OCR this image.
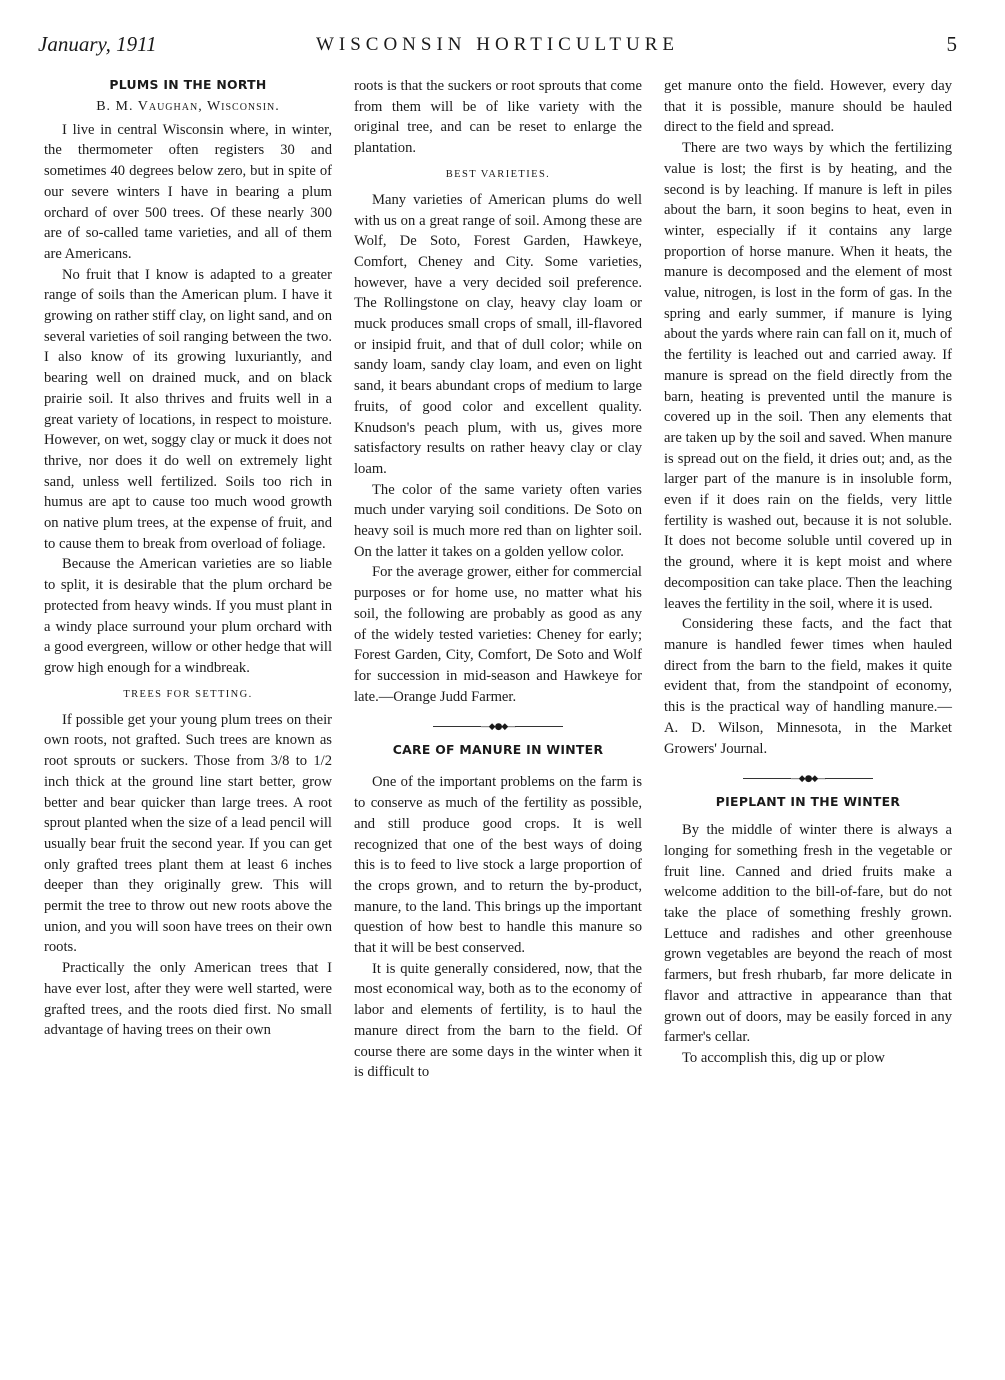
January, 1911	WISCONSIN HORTICULTURE	5
PLUMS IN THE NORTH
B. M. Vaughan, Wisconsin.

I live in central Wisconsin where, in winter, the thermometer often registers 30 and sometimes 40 degrees below zero, but in spite of our severe winters I have in bearing a plum orchard of over 500 trees. Of these nearly 300 are of so-called tame varieties, and all of them are Americans.

No fruit that I know is adapted to a greater range of soils than the American plum. I have it growing on rather stiff clay, on light sand, and on several varieties of soil ranging between the two. I also know of its growing luxuriantly, and bearing well on drained muck, and on black prairie soil. It also thrives and fruits well in a great variety of locations, in respect to moisture. However, on wet, soggy clay or muck it does not thrive, nor does it do well on extremely light sand, unless well fertilized. Soils too rich in humus are apt to cause too much wood growth on native plum trees, at the expense of fruit, and to cause them to break from overload of foliage.

Because the American varieties are so liable to split, it is desirable that the plum orchard be protected from heavy winds. If you must plant in a windy place surround your plum orchard with a good evergreen, willow or other hedge that will grow high enough for a windbreak.

TREES FOR SETTING.

If possible get your young plum trees on their own roots, not grafted. Such trees are known as root sprouts or suckers. Those from 3/8 to 1/2 inch thick at the ground line start better, grow better and bear quicker than large trees. A root sprout planted when the size of a lead pencil will usually bear fruit the second year. If you can get only grafted trees plant them at least 6 inches deeper than they originally grew. This will permit the tree to throw out new roots above the union, and you will soon have trees on their own roots.

Practically the only American trees that I have ever lost, after they were well started, were grafted trees, and the roots died first. No small advantage of having trees on their own

roots is that the suckers or root sprouts that come from them will be of like variety with the original tree, and can be reset to enlarge the plantation.

BEST VARIETIES.

Many varieties of American plums do well with us on a great range of soil. Among these are Wolf, De Soto, Forest Garden, Hawkeye, Comfort, Cheney and City. Some varieties, however, have a very decided soil preference. The Rollingstone on clay, heavy clay loam or muck produces small crops of small, ill-flavored or insipid fruit, and that of dull color; while on sandy loam, sandy clay loam, and even on light sand, it bears abundant crops of medium to large fruits, of good color and excellent quality. Knudson's peach plum, with us, gives more satisfactory results on rather heavy clay or clay loam.

The color of the same variety often varies much under varying soil conditions. De Soto on heavy soil is much more red than on lighter soil. On the latter it takes on a golden yellow color.

For the average grower, either for commercial purposes or for home use, no matter what his soil, the following are probably as good as any of the widely tested varieties: Cheney for early; Forest Garden, City, Comfort, De Soto and Wolf for succession in mid-season and Hawkeye for late.—Orange Judd Farmer.

—◆●◆—
CARE OF MANURE IN WINTER

One of the important problems on the farm is to conserve as much of the fertility as possible, and still produce good crops. It is well recognized that one of the best ways of doing this is to feed to live stock a large proportion of the crops grown, and to return the by-product, manure, to the land. This brings up the important question of how best to handle this manure so that it will be best conserved.

It is quite generally considered, now, that the most economical way, both as to the economy of labor and elements of fertility, is to haul the manure direct from the barn to the field. Of course there are some days in the winter when it is difficult to

get manure onto the field. However, every day that it is possible, manure should be hauled direct to the field and spread.

There are two ways by which the fertilizing value is lost; the first is by heating, and the second is by leaching. If manure is left in piles about the barn, it soon begins to heat, even in winter, especially if it contains any large proportion of horse manure. When it heats, the manure is decomposed and the element of most value, nitrogen, is lost in the form of gas. In the spring and early summer, if manure is lying about the yards where rain can fall on it, much of the fertility is leached out and carried away. If manure is spread on the field directly from the barn, heating is prevented until the manure is covered up in the soil. Then any elements that are taken up by the soil and saved. When manure is spread out on the field, it dries out; and, as the larger part of the manure is in insoluble form, even if it does rain on the fields, very little fertility is washed out, because it is not soluble. It does not become soluble until covered up in the ground, where it is kept moist and where decomposition can take place. Then the leaching leaves the fertility in the soil, where it is used.

Considering these facts, and the fact that manure is handled fewer times when hauled direct from the barn to the field, makes it quite evident that, from the standpoint of economy, this is the practical way of handling manure.—A. D. Wilson, Minnesota, in the Market Growers' Journal.

—◆●◆—
PIEPLANT IN THE WINTER

By the middle of winter there is always a longing for something fresh in the vegetable or fruit line. Canned and dried fruits make a welcome addition to the bill-of-fare, but do not take the place of something freshly grown. Lettuce and radishes and other greenhouse grown vegetables are beyond the reach of most farmers, but fresh rhubarb, far more delicate in flavor and attractive in appearance than that grown out of doors, may be easily forced in any farmer's cellar.

To accomplish this, dig up or plow
